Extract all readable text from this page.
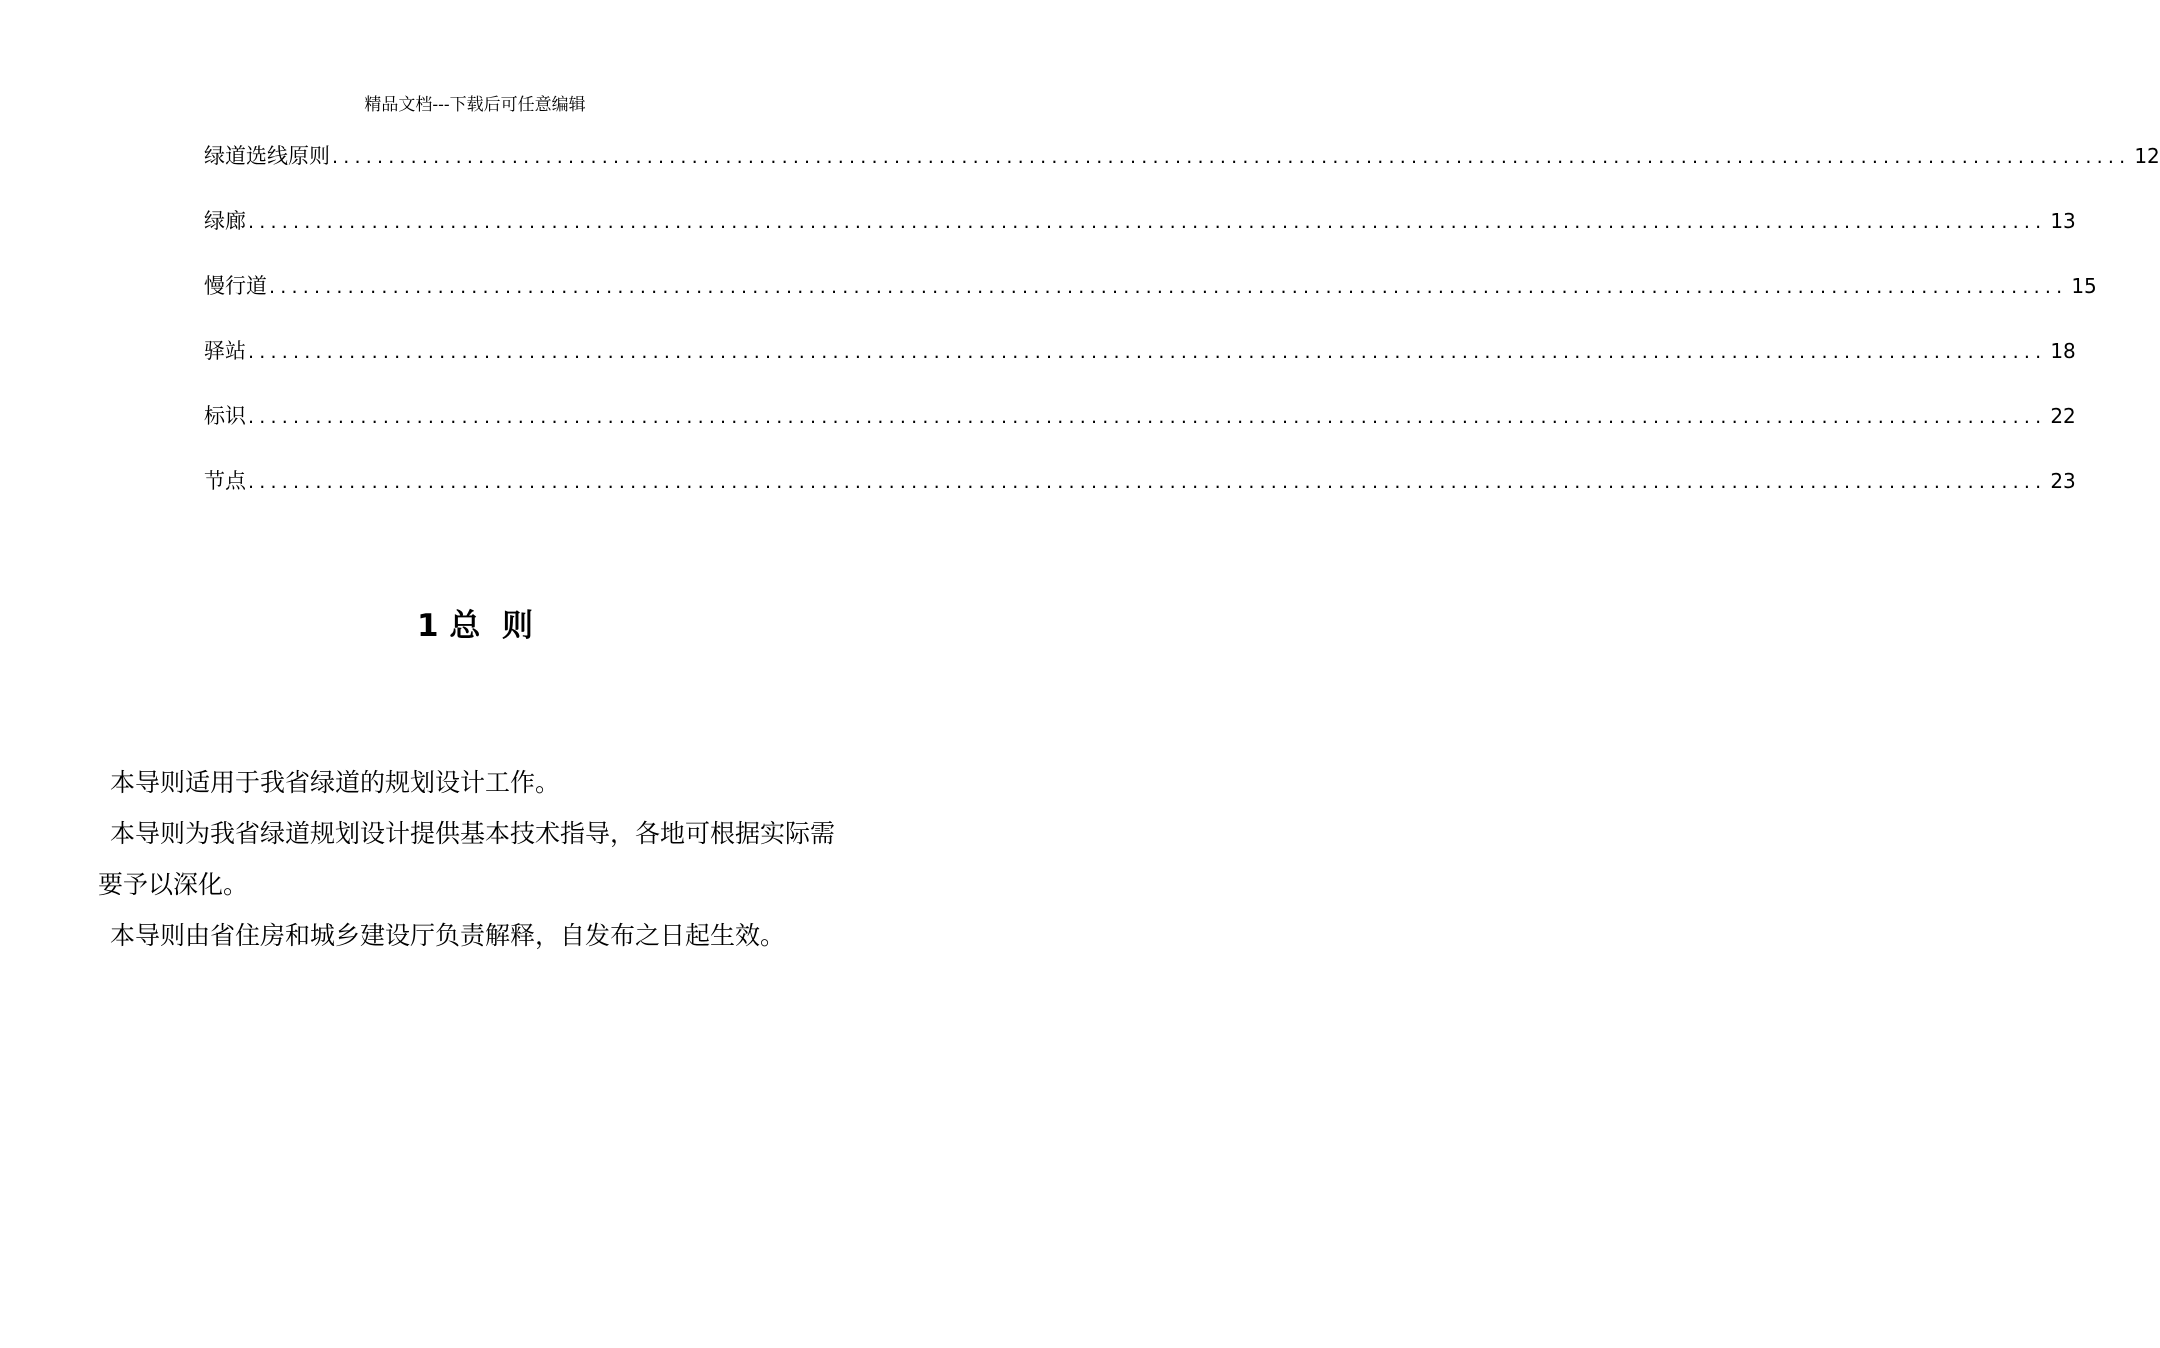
精品文档---下载后可任意编辑
绿道选线原则 ................................................................................................................................................................ 12
绿廊 ................................................................................................................................................................ 13
慢行道 ................................................................................................................................................................ 15
驿站 ................................................................................................................................................................ 18
标识 ................................................................................................................................................................ 22
节点 ................................................................................................................................................................ 23
1 总  则

本导则适用于我省绿道的规划设计工作。

本导则为我省绿道规划设计提供基本技术指导，各地可根据实际需要予以深化。

本导则由省住房和城乡建设厅负责解释，自发布之日起生效。
